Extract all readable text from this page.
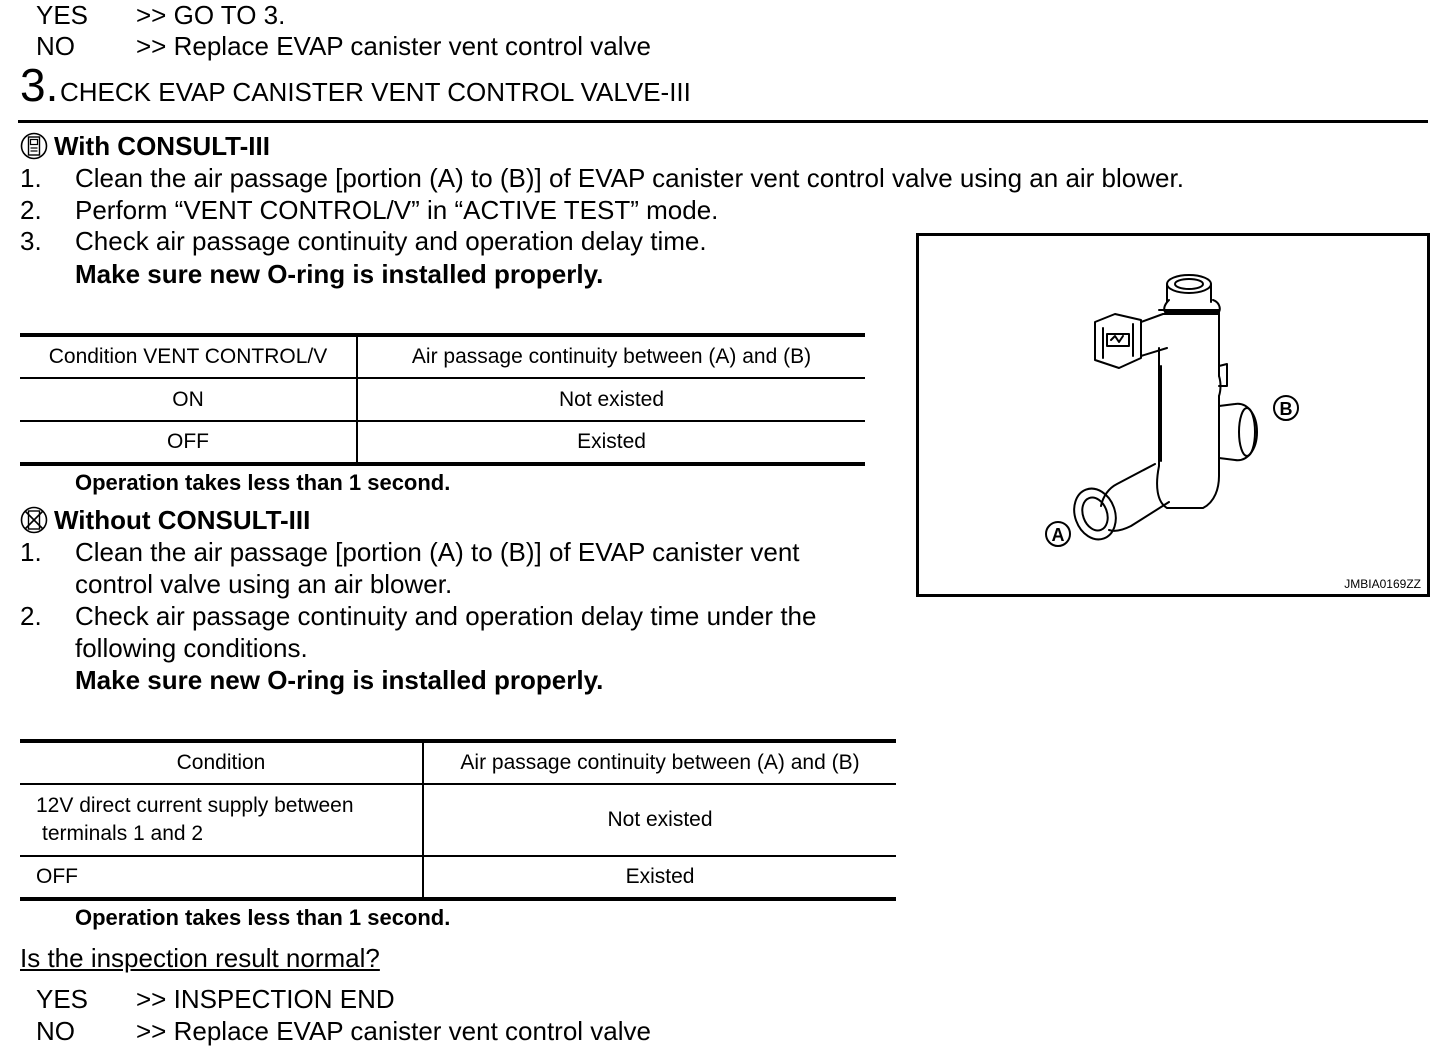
YES >> GO TO 3.
NO >> Replace EVAP canister vent control valve
3. CHECK EVAP CANISTER VENT CONTROL VALVE-III
With CONSULT-III
1. Clean the air passage [portion (A) to (B)] of EVAP canister vent control valve using an air blower.
2. Perform “VENT CONTROL/V” in “ACTIVE TEST” mode.
3. Check air passage continuity and operation delay time.
Make sure new O-ring is installed properly.
Condition VENT CONTROL/V	Air passage continuity between (A) and (B)
ON	Not existed
OFF	Existed
Operation takes less than 1 second.
Without CONSULT-III
1. Clean the air passage [portion (A) to (B)] of EVAP canister vent
control valve using an air blower.
2. Check air passage continuity and operation delay time under the
following conditions.
Make sure new O-ring is installed properly.
Condition	Air passage continuity between (A) and (B)

12V direct current supply between
terminals 1 and 2	Not existed
OFF	Existed
Operation takes less than 1 second.
Is the inspection result normal?
YES >> INSPECTION END
NO >> Replace EVAP canister vent control valve
B
A
JMBIA0169ZZ
